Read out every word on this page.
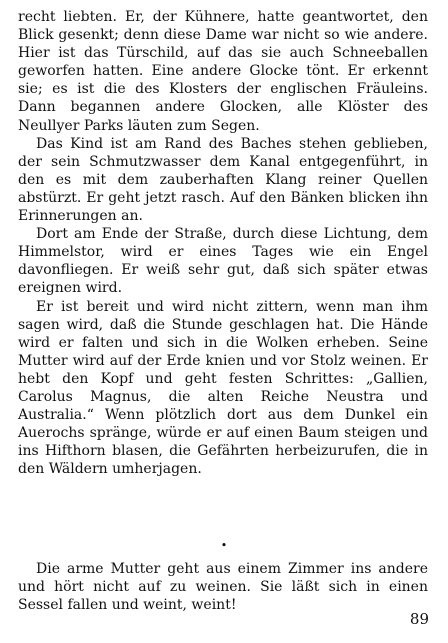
recht liebten. Er, der Kühnere, hatte geantwortet, den Blick gesenkt; denn diese Dame war nicht so wie andere. Hier ist das Türschild, auf das sie auch Schneeballen geworfen hatten. Eine andere Glocke tönt. Er erkennt sie; es ist die des Klosters der englischen Fräuleins. Dann begannen andere Glocken, alle Klöster des Neullyer Parks läuten zum Segen.

Das Kind ist am Rand des Baches stehen geblieben, der sein Schmutzwasser dem Kanal entgegenführt, in den es mit dem zauberhaften Klang reiner Quellen abstürzt. Er geht jetzt rasch. Auf den Bänken blicken ihn Erinnerungen an.

Dort am Ende der Straße, durch diese Lichtung, dem Himmelstor, wird er eines Tages wie ein Engel davonfliegen. Er weiß sehr gut, daß sich später etwas ereignen wird.

Er ist bereit und wird nicht zittern, wenn man ihm sagen wird, daß die Stunde geschlagen hat. Die Hände wird er falten und sich in die Wolken erheben. Seine Mutter wird auf der Erde knien und vor Stolz weinen. Er hebt den Kopf und geht festen Schrittes: „Gallien, Carolus Magnus, die alten Reiche Neustra und Australia.“ Wenn plötzlich dort aus dem Dunkel ein Auerochs spränge, würde er auf einen Baum steigen und ins Hifthorn blasen, die Gefährten herbeizurufen, die in den Wäldern umherjagen.

•

Die arme Mutter geht aus einem Zimmer ins andere und hört nicht auf zu weinen. Sie läßt sich in einen Sessel fallen und weint, weint!

89
